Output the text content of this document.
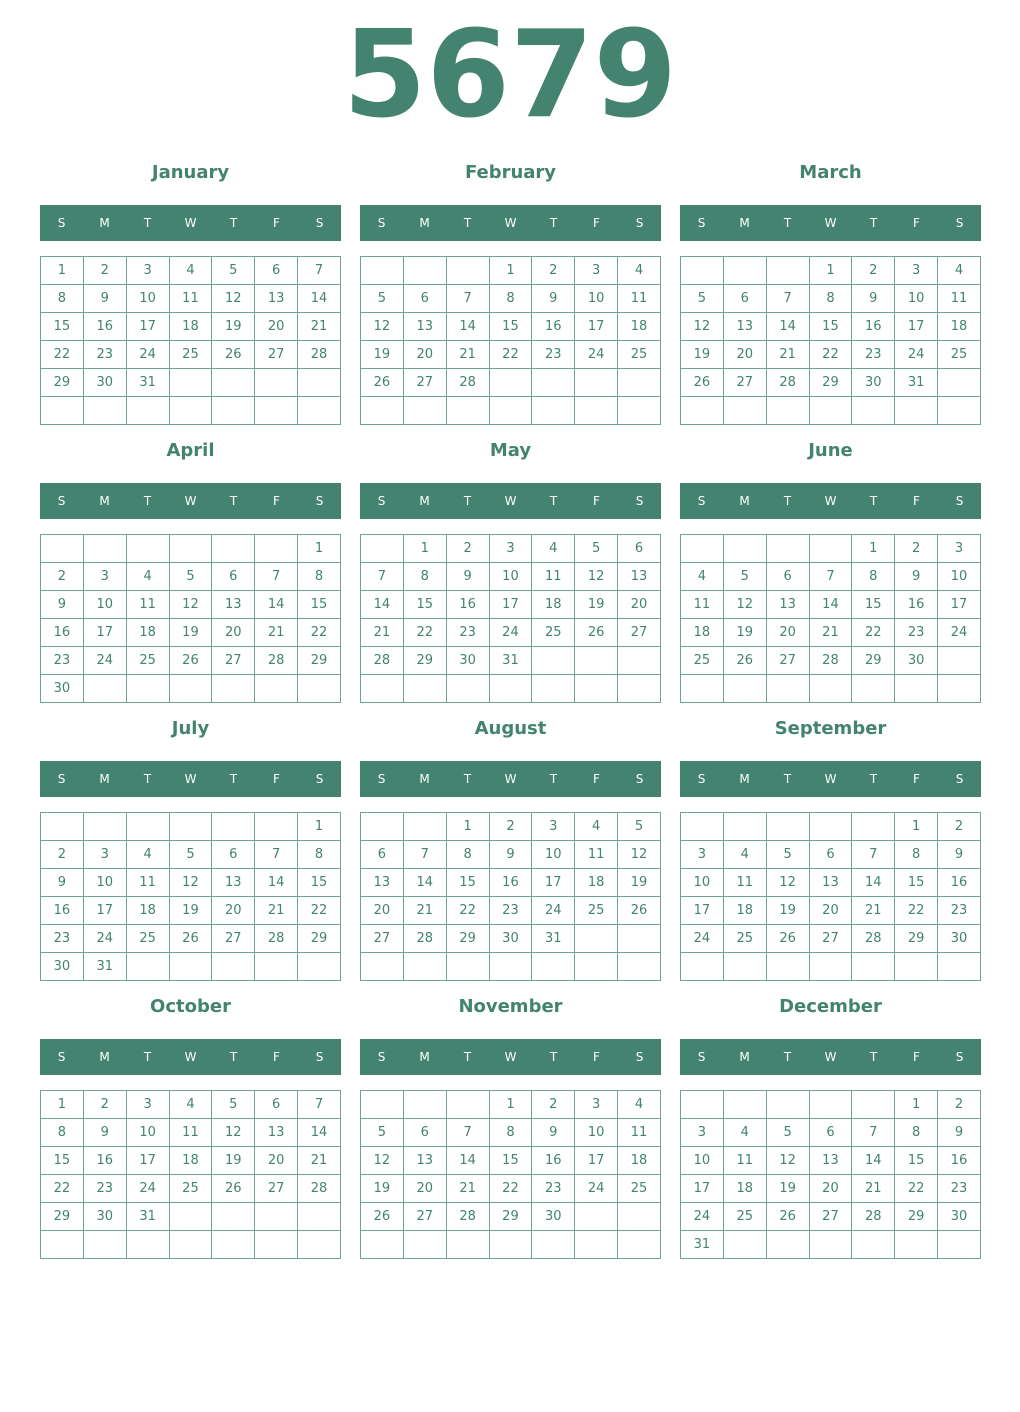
5679
January
S	M	T	W	T	F	S
1	2	3	4	5	6	7
8	9	10	11	12	13	14
15	16	17	18	19	20	21
22	23	24	25	26	27	28
29	30	31				

February
S	M	T	W	T	F	S
			1	2	3	4
5	6	7	8	9	10	11
12	13	14	15	16	17	18
19	20	21	22	23	24	25
26	27	28				

March
S	M	T	W	T	F	S
			1	2	3	4
5	6	7	8	9	10	11
12	13	14	15	16	17	18
19	20	21	22	23	24	25
26	27	28	29	30	31	

April
S	M	T	W	T	F	S
						1
2	3	4	5	6	7	8
9	10	11	12	13	14	15
16	17	18	19	20	21	22
23	24	25	26	27	28	29
30						
May
S	M	T	W	T	F	S
	1	2	3	4	5	6
7	8	9	10	11	12	13
14	15	16	17	18	19	20
21	22	23	24	25	26	27
28	29	30	31			

June
S	M	T	W	T	F	S
				1	2	3
4	5	6	7	8	9	10
11	12	13	14	15	16	17
18	19	20	21	22	23	24
25	26	27	28	29	30	

July
S	M	T	W	T	F	S
						1
2	3	4	5	6	7	8
9	10	11	12	13	14	15
16	17	18	19	20	21	22
23	24	25	26	27	28	29
30	31					
August
S	M	T	W	T	F	S
		1	2	3	4	5
6	7	8	9	10	11	12
13	14	15	16	17	18	19
20	21	22	23	24	25	26
27	28	29	30	31		

September
S	M	T	W	T	F	S
					1	2
3	4	5	6	7	8	9
10	11	12	13	14	15	16
17	18	19	20	21	22	23
24	25	26	27	28	29	30

October
S	M	T	W	T	F	S
1	2	3	4	5	6	7
8	9	10	11	12	13	14
15	16	17	18	19	20	21
22	23	24	25	26	27	28
29	30	31				

November
S	M	T	W	T	F	S
			1	2	3	4
5	6	7	8	9	10	11
12	13	14	15	16	17	18
19	20	21	22	23	24	25
26	27	28	29	30		

December
S	M	T	W	T	F	S
					1	2
3	4	5	6	7	8	9
10	11	12	13	14	15	16
17	18	19	20	21	22	23
24	25	26	27	28	29	30
31						
